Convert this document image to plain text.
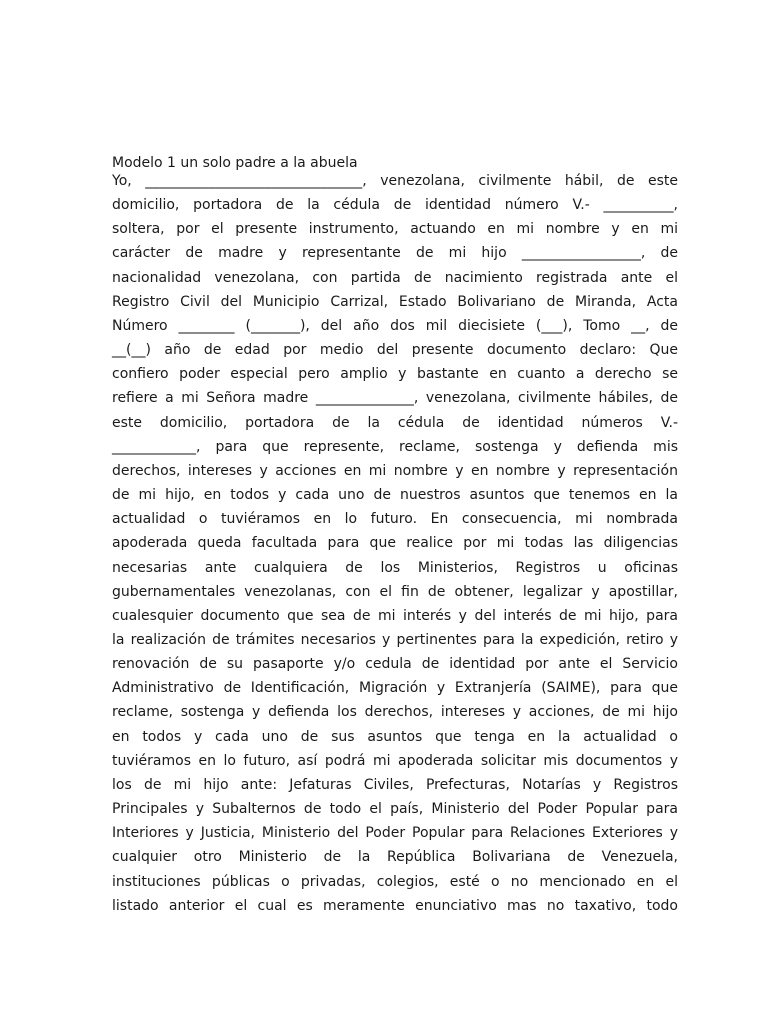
Modelo 1 un solo padre a la abuela
Yo, _______________________________, venezolana, civilmente hábil, de este
domicilio, portadora de la cédula de identidad número V.- __________,
soltera, por el presente instrumento, actuando en mi nombre y en mi
carácter de madre y representante de mi hijo _________________, de
nacionalidad venezolana, con partida de nacimiento registrada ante el
Registro Civil del Municipio Carrizal, Estado Bolivariano de Miranda, Acta
Número ________ (_______), del año dos mil diecisiete (___), Tomo __, de
__(__) año de edad por medio del presente documento declaro: Que
confiero poder especial pero amplio y bastante en cuanto a derecho se
refiere a mi Señora madre ______________, venezolana, civilmente hábiles, de
este domicilio, portadora de la cédula de identidad números V.-
____________, para que represente, reclame, sostenga y defienda mis
derechos, intereses y acciones en mi nombre y en nombre y representación
de mi hijo, en todos y cada uno de nuestros asuntos que tenemos en la
actualidad o tuviéramos en lo futuro. En consecuencia, mi nombrada
apoderada queda facultada para que realice por mi todas las diligencias
necesarias ante cualquiera de los Ministerios, Registros u oficinas
gubernamentales venezolanas, con el fin de obtener, legalizar y apostillar,
cualesquier documento que sea de mi interés y del interés de mi hijo, para
la realización de trámites necesarios y pertinentes para la expedición, retiro y
renovación de su pasaporte y/o cedula de identidad por ante el Servicio
Administrativo de Identificación, Migración y Extranjería (SAIME), para que
reclame, sostenga y defienda los derechos, intereses y acciones, de mi hijo
en todos y cada uno de sus asuntos que tenga en la actualidad o
tuviéramos en lo futuro, así podrá mi apoderada solicitar mis documentos y
los de mi hijo ante: Jefaturas Civiles, Prefecturas, Notarías y Registros
Principales y Subalternos de todo el país, Ministerio del Poder Popular para
Interiores y Justicia, Ministerio del Poder Popular para Relaciones Exteriores y
cualquier otro Ministerio de la República Bolivariana de Venezuela,
instituciones públicas o privadas, colegios, esté o no mencionado en el
listado anterior el cual es meramente enunciativo mas no taxativo, todo
